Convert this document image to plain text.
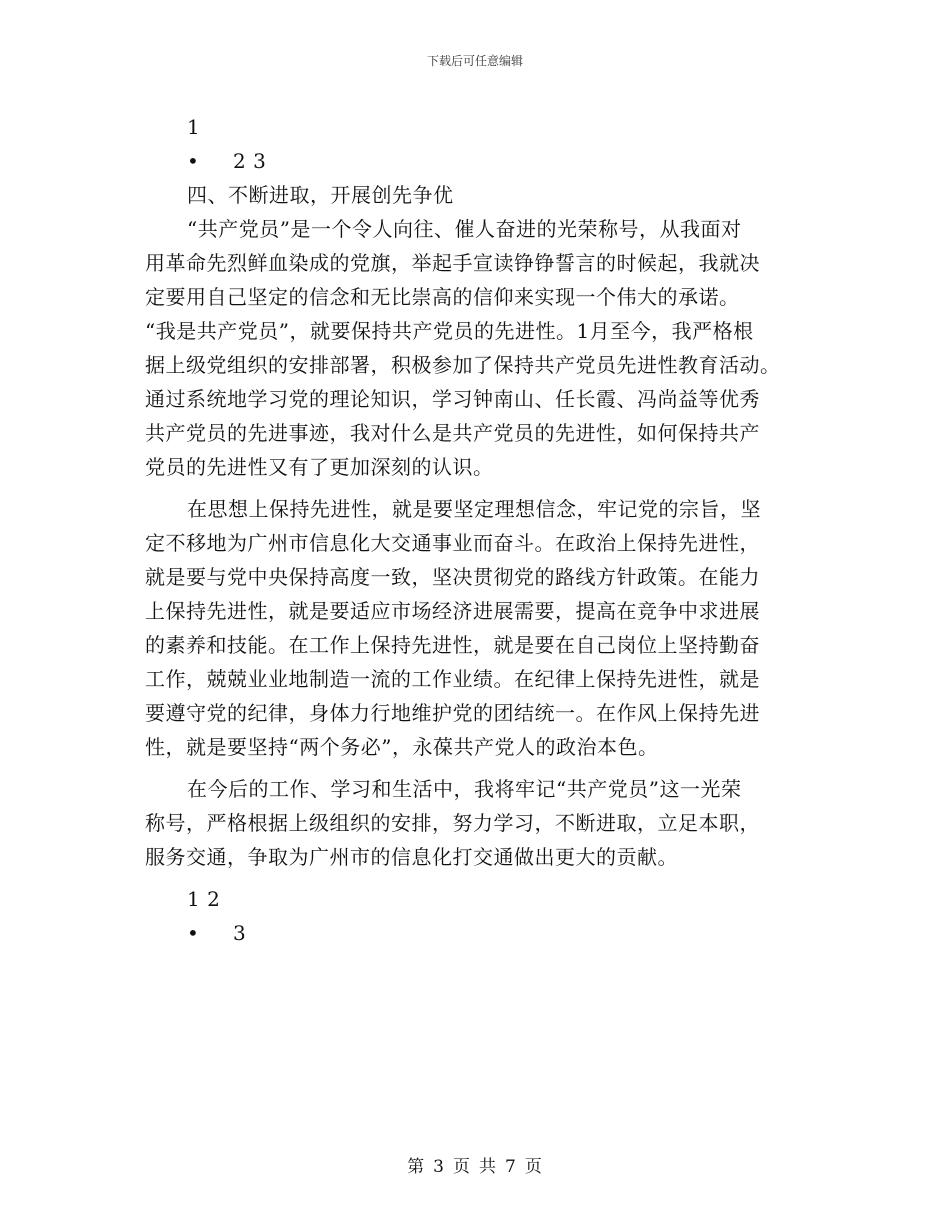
下载后可任意编辑

1

• 2 3

四、不断进取，开展创先争优

“共产党员”是一个令人向往、催人奋进的光荣称号，从我面对

用革命先烈鲜血染成的党旗，举起手宣读铮铮誓言的时候起，我就决

定要用自己坚定的信念和无比崇高的信仰来实现一个伟大的承诺。

“我是共产党员”，就要保持共产党员的先进性。1月至今，我严格根

据上级党组织的安排部署，积极参加了保持共产党员先进性教育活动。

通过系统地学习党的理论知识，学习钟南山、任长霞、冯尚益等优秀

共产党员的先进事迹，我对什么是共产党员的先进性，如何保持共产

党员的先进性又有了更加深刻的认识。

在思想上保持先进性，就是要坚定理想信念，牢记党的宗旨，坚

定不移地为广州市信息化大交通事业而奋斗。在政治上保持先进性，

就是要与党中央保持高度一致，坚决贯彻党的路线方针政策。在能力

上保持先进性，就是要适应市场经济进展需要，提高在竞争中求进展

的素养和技能。在工作上保持先进性，就是要在自己岗位上坚持勤奋

工作，兢兢业业地制造一流的工作业绩。在纪律上保持先进性，就是

要遵守党的纪律，身体力行地维护党的团结统一。在作风上保持先进

性，就是要坚持“两个务必”，永葆共产党人的政治本色。

在今后的工作、学习和生活中，我将牢记“共产党员”这一光荣

称号，严格根据上级组织的安排，努力学习，不断进取，立足本职，

服务交通，争取为广州市的信息化打交通做出更大的贡献。

1 2

• 3

第 3 页 共 7 页
